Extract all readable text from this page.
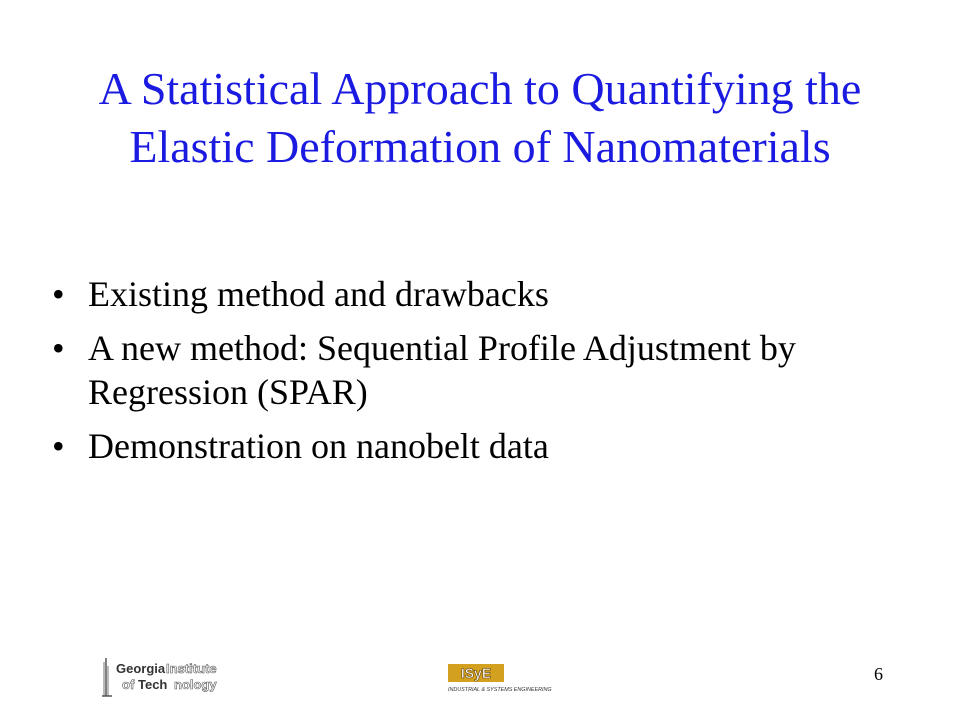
A Statistical Approach to Quantifying the
Elastic Deformation of Nanomaterials
• Existing method and drawbacks
• A new method: Sequential Profile Adjustment by Regression (SPAR)
• Demonstration on nanobelt data
Georgia Institute
of Tech nology
ISyE
INDUSTRIAL & SYSTEMS ENGINEERING
6
